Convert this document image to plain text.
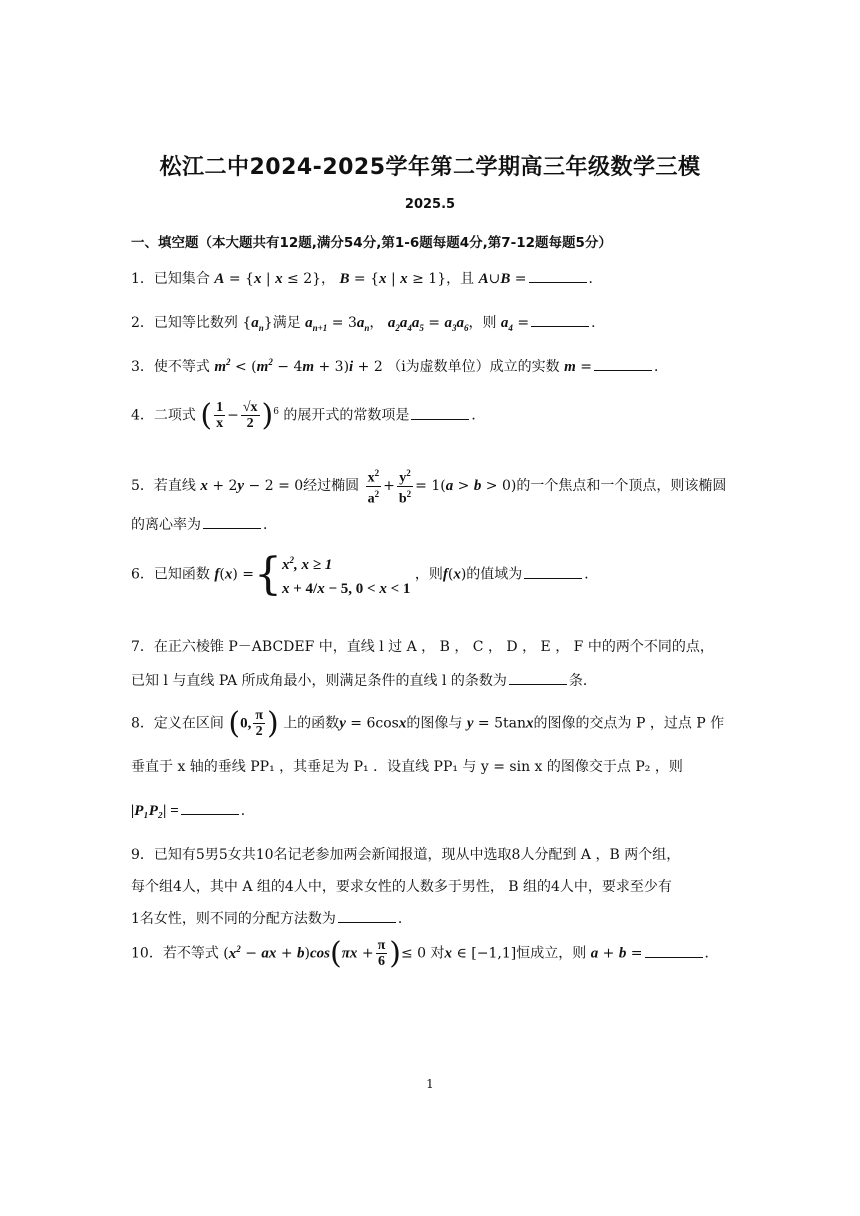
松江二中2024-2025学年第二学期高三年级数学三模
2025.5
一、填空题（本大题共有12题,满分54分,第1-6题每题4分,第7-12题每题5分）
1．已知集合 A = {x | x ≤ 2}， B = {x | x ≥ 1}，且 A∪B =	．
2．已知等比数列 $\{a_n\}$满足 $a_{n+1} = 3a_n$， $a_2a_4a_5 = a_3a_6$，则 $a_4$ =	．
3．使不等式 $m^2 < (m^2 - 4m + 3)i + 2$ （i为虚数单位）成立的实数 m =	．
4．二项式 ( $\frac{1}{x} - \frac{√x}{2} )^6$ 的展开式的常数项是	．
5．若直线 x + 2y − 2 = 0经过椭圆 $\frac{x^2}{a^2} + \frac{y^2}{b^2} = 1(a > b > 0)$的一个焦点和一个顶点，则该椭圆
的离心率为	．
6．已知函数 f(x) ={ $x^2$, x ≥ 1
x + 4/x − 5, 0 < x < 1
，则f(x)的值域为	．
7．在正六棱锥 P－ABCDEF 中，直线 l 过 A ， B ， C ， D ， E ， F 中的两个不同的点，
已知 l 与直线 PA 所成角最小，则满足条件的直线 l 的条数为	条．
8．定义在区间 (0, $\frac{\pi}{2}$ ) 上的函数y = 6cosx的图像与 y = 5tanx的图像的交点为 P ，过点 P 作
垂直于 x 轴的垂线 PP₁ ，其垂足为 P₁ ．设直线 PP₁ 与 y = sin x 的图像交于点 P₂ ，则
|P₁P₂| =	．
9．已知有5男5女共10名记老参加两会新闻报道，现从中选取8人分配到 A ，B 两个组，
每个组4人，其中 A 组的4人中，要求女性的人数多于男性， B 组的4人中，要求至少有
1名女性，则不同的分配方法数为	．
10．若不等式 ($x^2$ − ax + $b)\cos(\pi x + \frac{\pi}{6}$ )≤ 0 对x ∈ [−1,1]恒成立，则 a + b =	．
1
